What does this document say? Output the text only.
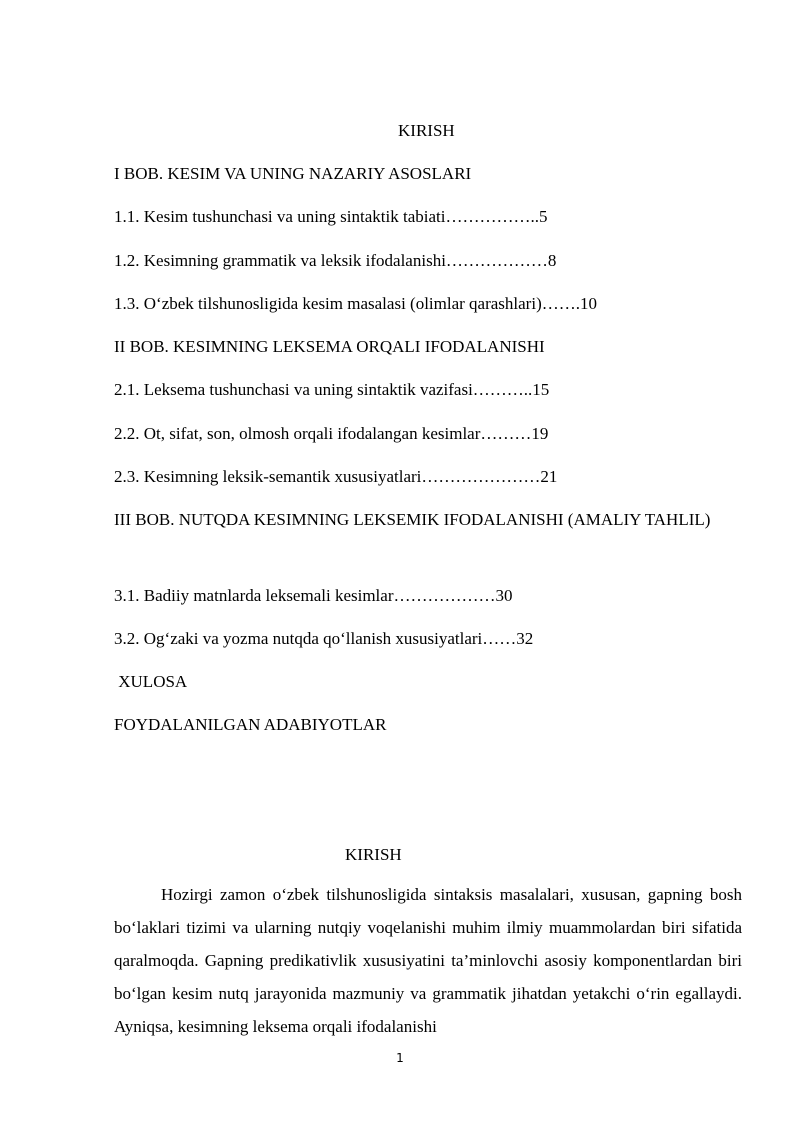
KIRISH
I BOB. KESIM VA UNING NAZARIY ASOSLARI
1.1. Kesim tushunchasi va uning sintaktik tabiati……………..5
1.2. Kesimning grammatik va leksik ifodalanishi………………8
1.3. O‘zbek tilshunosligida kesim masalasi (olimlar qarashlari)…….10
II BOB. KESIMNING LEKSEMA ORQALI IFODALANISHI
2.1. Leksema tushunchasi va uning sintaktik vazifasi………..15
2.2. Ot, sifat, son, olmosh orqali ifodalangan kesimlar………19
2.3. Kesimning leksik-semantik xususiyatlari…………………21
III BOB. NUTQDA KESIMNING LEKSEMIK IFODALANISHI (AMALIY TAHLIL)
3.1. Badiiy matnlarda leksemali kesimlar………………30
3.2. Og‘zaki va yozma nutqda qo‘llanish xususiyatlari……32
XULOSA
FOYDALANILGAN ADABIYOTLAR
KIRISH
Hozirgi zamon o‘zbek tilshunosligida sintaksis masalalari, xususan, gapning bosh bo‘laklari tizimi va ularning nutqiy voqelanishi muhim ilmiy muammolardan biri sifatida qaralmoqda. Gapning predikativlik xususiyatini ta’minlovchi asosiy komponentlardan biri bo‘lgan kesim nutq jarayonida mazmuniy va grammatik jihatdan yetakchi o‘rin egallaydi. Ayniqsa, kesimning leksema orqali ifodalanishi
1
